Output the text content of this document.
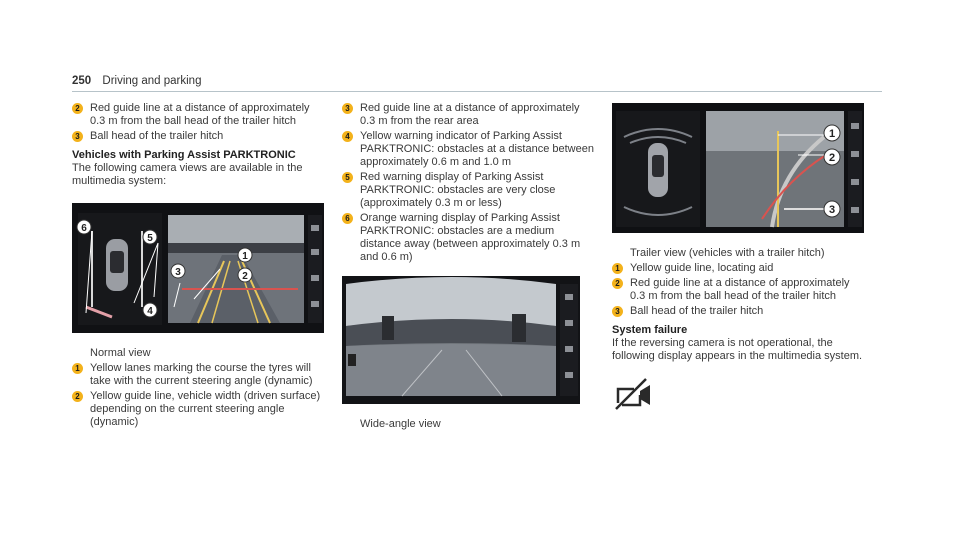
250 Driving and parking
2 Red guide line at a distance of approximately 0.3 m from the ball head of the trailer hitch
3 Ball head of the trailer hitch
Vehicles with Parking Assist PARKTRONIC
The following camera views are available in the multimedia system:
1
2
3
4
5
6
Normal view
1 Yellow lanes marking the course the tyres will take with the current steering angle (dynamic)
2 Yellow guide line, vehicle width (driven surface) depending on the current steering angle (dynamic)
3 Red guide line at a distance of approximately 0.3 m from the rear area
4 Yellow warning indicator of Parking Assist PARKTRONIC: obstacles at a distance between approximately 0.6 m and 1.0 m
5 Red warning display of Parking Assist PARKTRONIC: obstacles are very close (approximately 0.3 m or less)
6 Orange warning display of Parking Assist PARKTRONIC: obstacles are a medium distance away (between approximately 0.3 m and 0.6 m)
Wide-angle view
1
2
3
Trailer view (vehicles with a trailer hitch)
1 Yellow guide line, locating aid
2 Red guide line at a distance of approximately 0.3 m from the ball head of the trailer hitch
3 Ball head of the trailer hitch
System failure
If the reversing camera is not operational, the following display appears in the multimedia system.
